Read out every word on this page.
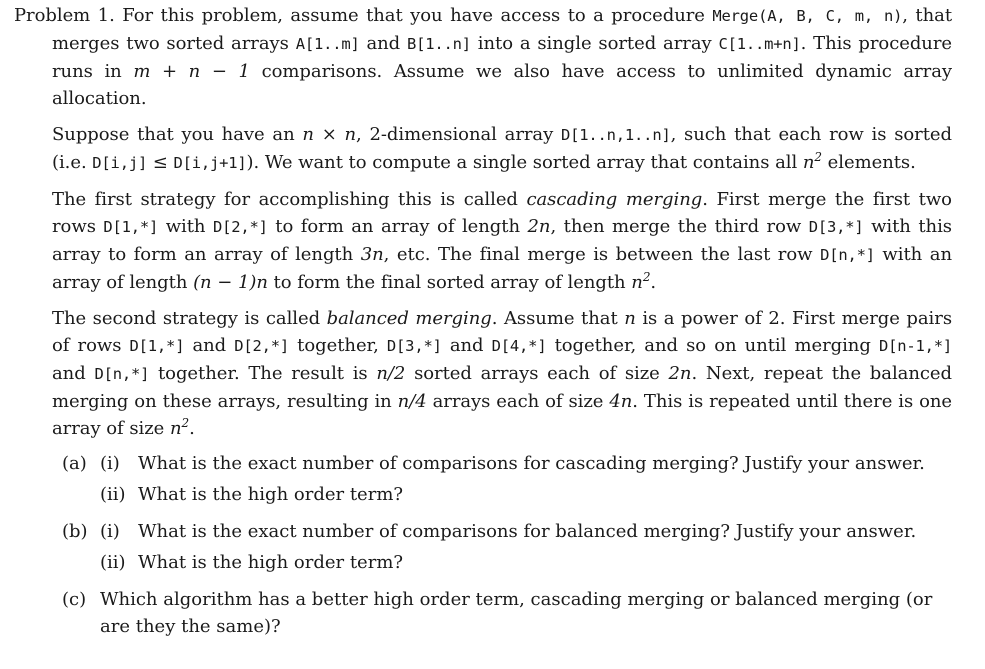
Problem 1. For this problem, assume that you have access to a procedure Merge(A, B, C, m, n), that merges two sorted arrays A[1..m] and B[1..n] into a single sorted array C[1..m+n]. This procedure runs in m + n − 1 comparisons. Assume we also have access to unlimited dynamic array allocation.

Suppose that you have an n × n, 2-dimensional array D[1..n,1..n], such that each row is sorted (i.e. D[i,j] ≤ D[i,j+1]). We want to compute a single sorted array that contains all $n^2$ elements.

The first strategy for accomplishing this is called cascading merging. First merge the first two rows D[1,*] with D[2,*] to form an array of length 2n, then merge the third row D[3,*] with this array to form an array of length 3n, etc. The final merge is between the last row D[n,*] with an array of length (n − 1)n to form the final sorted array of length $n^2$.

The second strategy is called balanced merging. Assume that n is a power of 2. First merge pairs of rows D[1,*] and D[2,*] together, D[3,*] and D[4,*] together, and so on until merging D[n-1,*] and D[n,*] together. The result is n/2 sorted arrays each of size 2n. Next, repeat the balanced merging on these arrays, resulting in n/4 arrays each of size 4n. This is repeated until there is one array of size $n^2$.

(a) (i)	What is the exact number of comparisons for cascading merging? Justify your answer.
(ii) What is the high order term?
(b) (i)	What is the exact number of comparisons for balanced merging? Justify your answer.
(ii) What is the high order term?
(c) Which algorithm has a better high order term, cascading merging or balanced merging (or are they the same)?
